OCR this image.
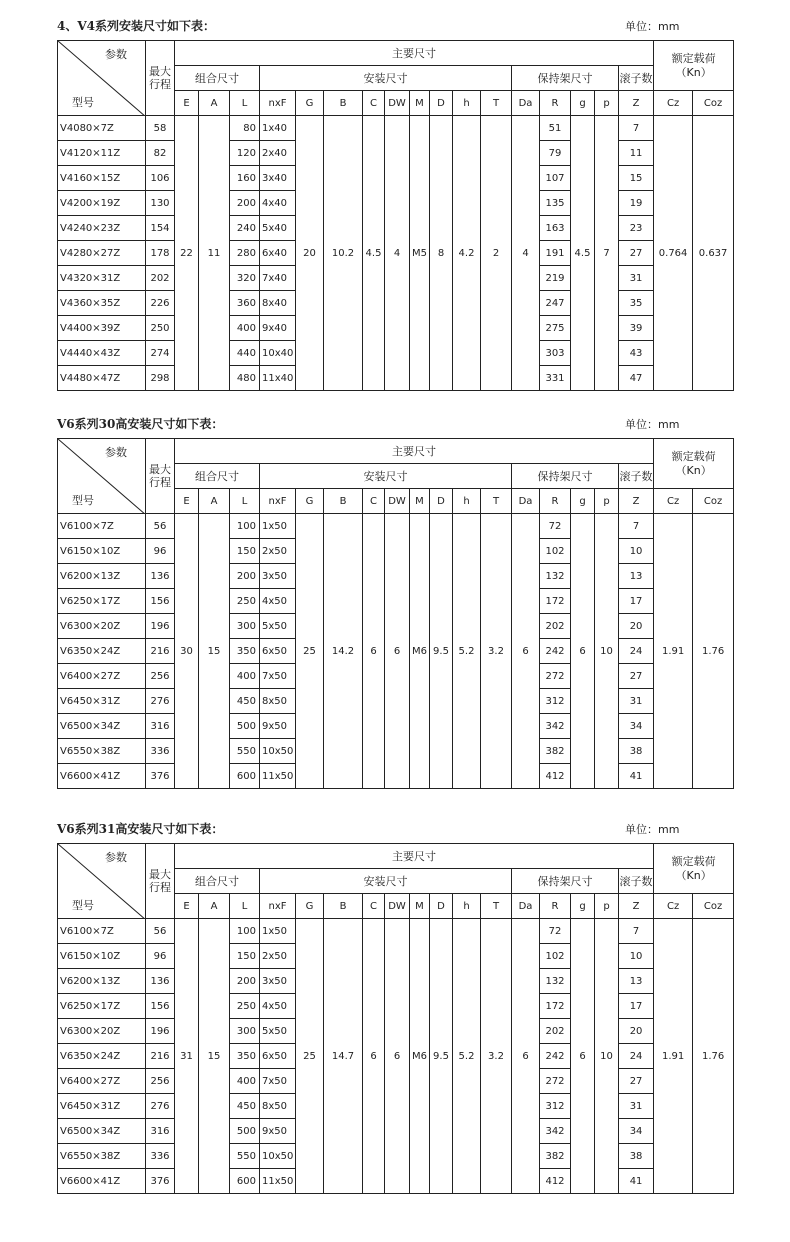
4、V4系列安装尺寸如下表：	单位：mm
参数
型号	最大行程	主要尺寸																	额定载荷
（Kn）	
		组合尺寸			安装尺寸									保持架尺寸				滚子数		
		E	A	L	nxF	G	B	C	DW	M	D	h	T	Da	R	g	p	Z	Cz	Coz
V4080×7Z	58	22	11	80	1x40	20	10.2	4.5	4	M5	8	4.2	2	4	51	4.5	7	7	0.764	0.637
V4120×11Z	82			120	2x40										79			11		
V4160×15Z	106			160	3x40										107			15		
V4200×19Z	130			200	4x40										135			19		
V4240×23Z	154			240	5x40										163			23		
V4280×27Z	178			280	6x40										191			27		
V4320×31Z	202			320	7x40										219			31		
V4360×35Z	226			360	8x40										247			35		
V4400×39Z	250			400	9x40										275			39		
V4440×43Z	274			440	10x40										303			43		
V4480×47Z	298			480	11x40										331			47		
V6系列30高安装尺寸如下表：	单位：mm
参数
型号	最大行程	主要尺寸																	额定载荷
（Kn）	
		组合尺寸			安装尺寸									保持架尺寸				滚子数		
		E	A	L	nxF	G	B	C	DW	M	D	h	T	Da	R	g	p	Z	Cz	Coz
V6100×7Z	56	30	15	100	1x50	25	14.2	6	6	M6	9.5	5.2	3.2	6	72	6	10	7	1.91	1.76
V6150×10Z	96			150	2x50										102			10		
V6200×13Z	136			200	3x50										132			13		
V6250×17Z	156			250	4x50										172			17		
V6300×20Z	196			300	5x50										202			20		
V6350×24Z	216			350	6x50										242			24		
V6400×27Z	256			400	7x50										272			27		
V6450×31Z	276			450	8x50										312			31		
V6500×34Z	316			500	9x50										342			34		
V6550×38Z	336			550	10x50										382			38		
V6600×41Z	376			600	11x50										412			41		
V6系列31高安装尺寸如下表：	单位：mm
参数
型号	最大行程	主要尺寸																	额定载荷
（Kn）	
		组合尺寸			安装尺寸									保持架尺寸				滚子数		
		E	A	L	nxF	G	B	C	DW	M	D	h	T	Da	R	g	p	Z	Cz	Coz
V6100×7Z	56	31	15	100	1x50	25	14.7	6	6	M6	9.5	5.2	3.2	6	72	6	10	7	1.91	1.76
V6150×10Z	96			150	2x50										102			10		
V6200×13Z	136			200	3x50										132			13		
V6250×17Z	156			250	4x50										172			17		
V6300×20Z	196			300	5x50										202			20		
V6350×24Z	216			350	6x50										242			24		
V6400×27Z	256			400	7x50										272			27		
V6450×31Z	276			450	8x50										312			31		
V6500×34Z	316			500	9x50										342			34		
V6550×38Z	336			550	10x50										382			38		
V6600×41Z	376			600	11x50										412			41		
